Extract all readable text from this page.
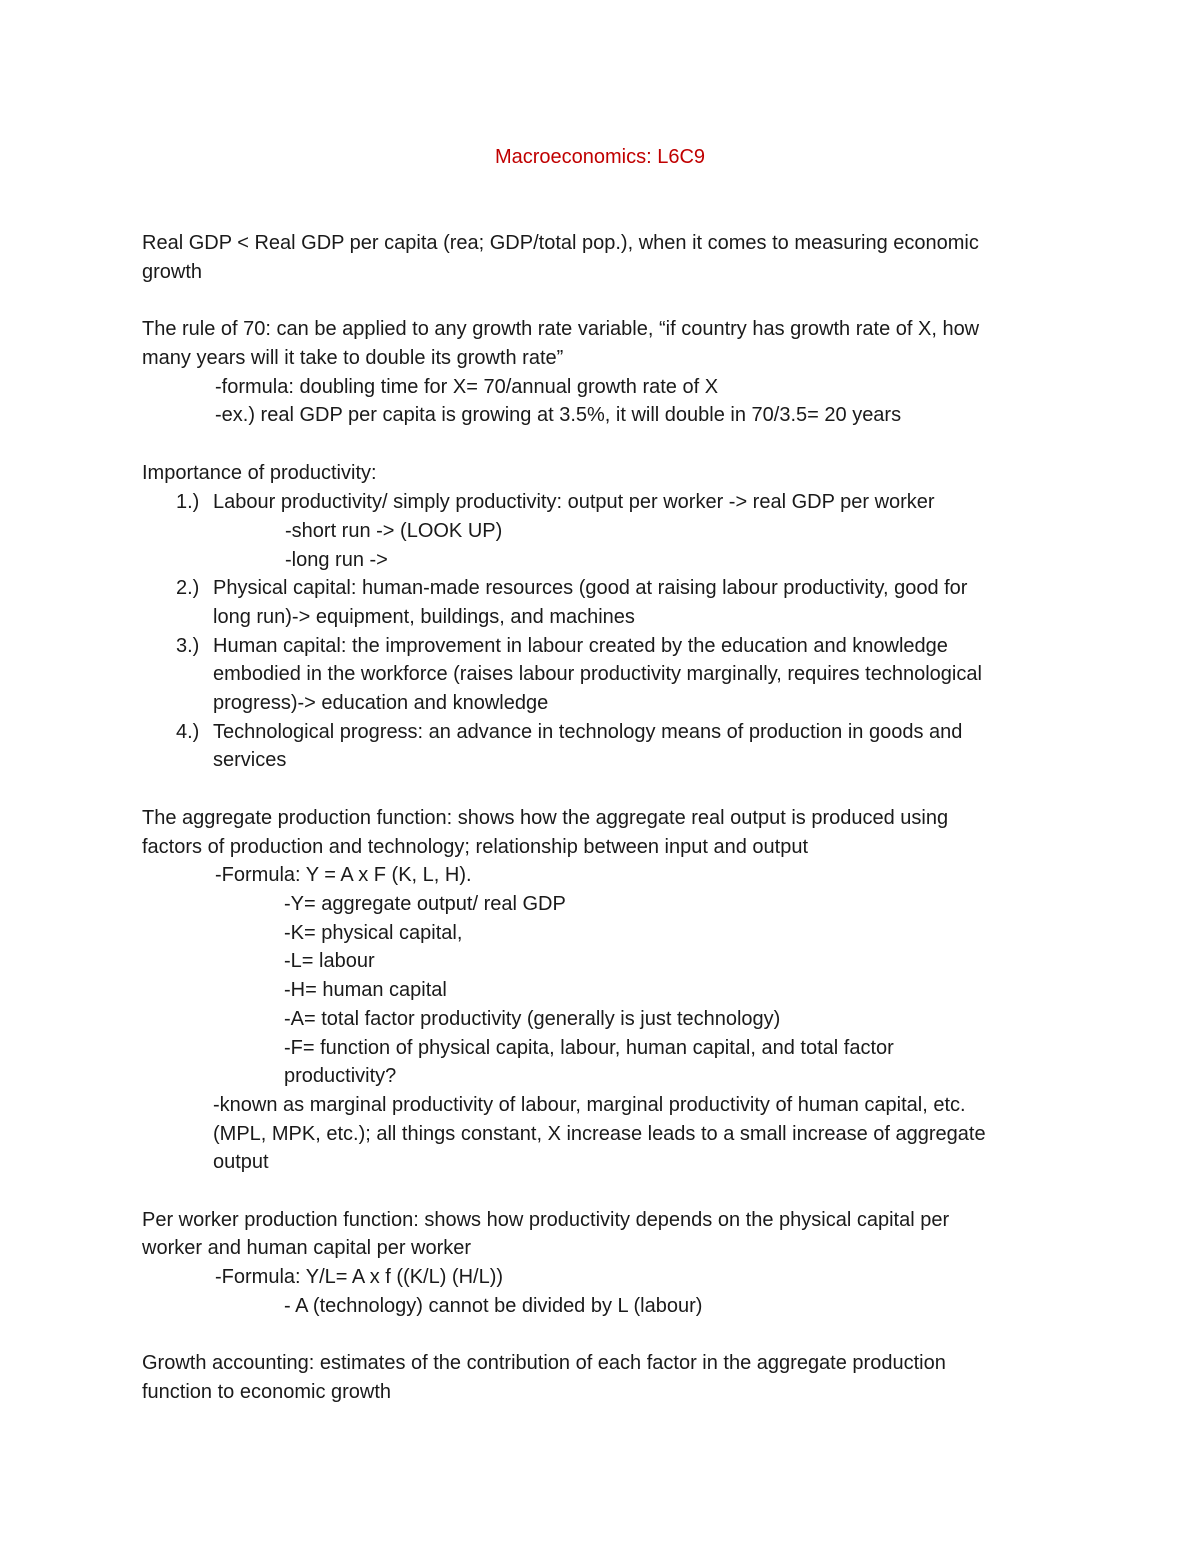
Macroeconomics: L6C9
Real GDP < Real GDP per capita (rea; GDP/total pop.), when it comes to measuring economic
growth
The rule of 70: can be applied to any growth rate variable, “if country has growth rate of X, how
many years will it take to double its growth rate”
-formula: doubling time for X= 70/annual growth rate of X
-ex.) real GDP per capita is growing at 3.5%, it will double in 70/3.5= 20 years
Importance of productivity:
1.) Labour productivity/ simply productivity: output per worker -> real GDP per worker
-short run -> (LOOK UP)
-long run ->
2.) Physical capital: human-made resources (good at raising labour productivity, good for
long run)-> equipment, buildings, and machines
3.) Human capital: the improvement in labour created by the education and knowledge
embodied in the workforce (raises labour productivity marginally, requires technological
progress)-> education and knowledge
4.) Technological progress: an advance in technology means of production in goods and
services
The aggregate production function: shows how the aggregate real output is produced using
factors of production and technology; relationship between input and output
-Formula: Y = A x F (K, L, H).
-Y= aggregate output/ real GDP
-K= physical capital,
-L= labour
-H= human capital
-A= total factor productivity (generally is just technology)
-F= function of physical capita, labour, human capital, and total factor
productivity?
-known as marginal productivity of labour, marginal productivity of human capital, etc.
(MPL, MPK, etc.); all things constant, X increase leads to a small increase of aggregate
output
Per worker production function: shows how productivity depends on the physical capital per
worker and human capital per worker
-Formula: Y/L= A x f ((K/L) (H/L))
- A (technology) cannot be divided by L (labour)
Growth accounting: estimates of the contribution of each factor in the aggregate production
function to economic growth
